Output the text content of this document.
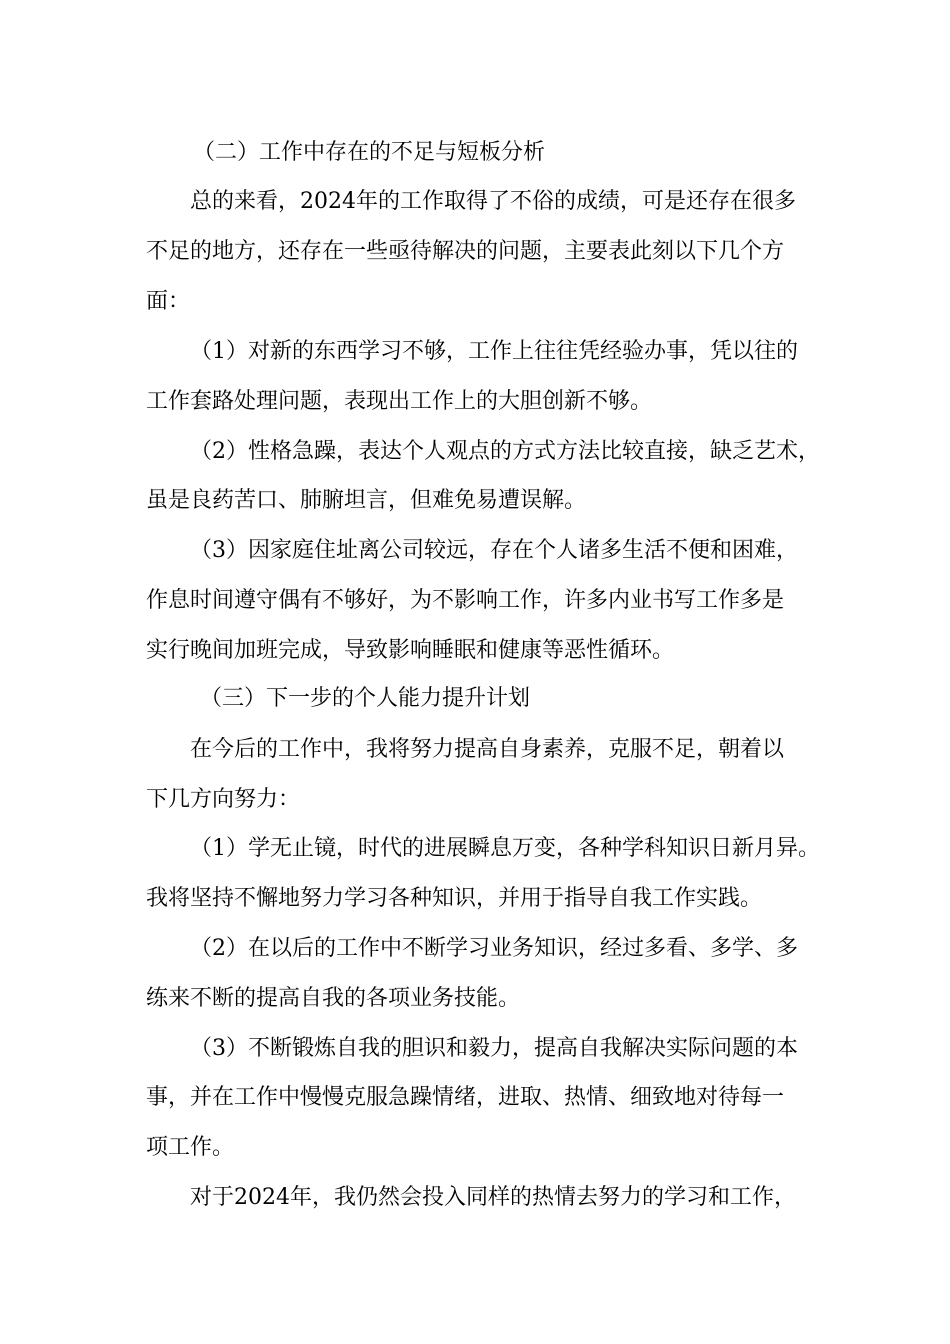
（二）工作中存在的不足与短板分析
总的来看，2024年的工作取得了不俗的成绩，可是还存在很多
不足的地方，还存在一些亟待解决的问题，主要表此刻以下几个方
面：
（1）对新的东西学习不够，工作上往往凭经验办事，凭以往的
工作套路处理问题，表现出工作上的大胆创新不够。
（2）性格急躁，表达个人观点的方式方法比较直接，缺乏艺术，
虽是良药苦口、肺腑坦言，但难免易遭误解。
（3）因家庭住址离公司较远，存在个人诸多生活不便和困难，
作息时间遵守偶有不够好，为不影响工作，许多内业书写工作多是
实行晚间加班完成，导致影响睡眠和健康等恶性循环。
（三）下一步的个人能力提升计划
在今后的工作中，我将努力提高自身素养，克服不足，朝着以
下几方向努力：
（1）学无止镜，时代的进展瞬息万变，各种学科知识日新月异。
我将坚持不懈地努力学习各种知识，并用于指导自我工作实践。
（2）在以后的工作中不断学习业务知识，经过多看、多学、多
练来不断的提高自我的各项业务技能。
（3）不断锻炼自我的胆识和毅力，提高自我解决实际问题的本
事，并在工作中慢慢克服急躁情绪，进取、热情、细致地对待每一
项工作。
对于2024年，我仍然会投入同样的热情去努力的学习和工作，
